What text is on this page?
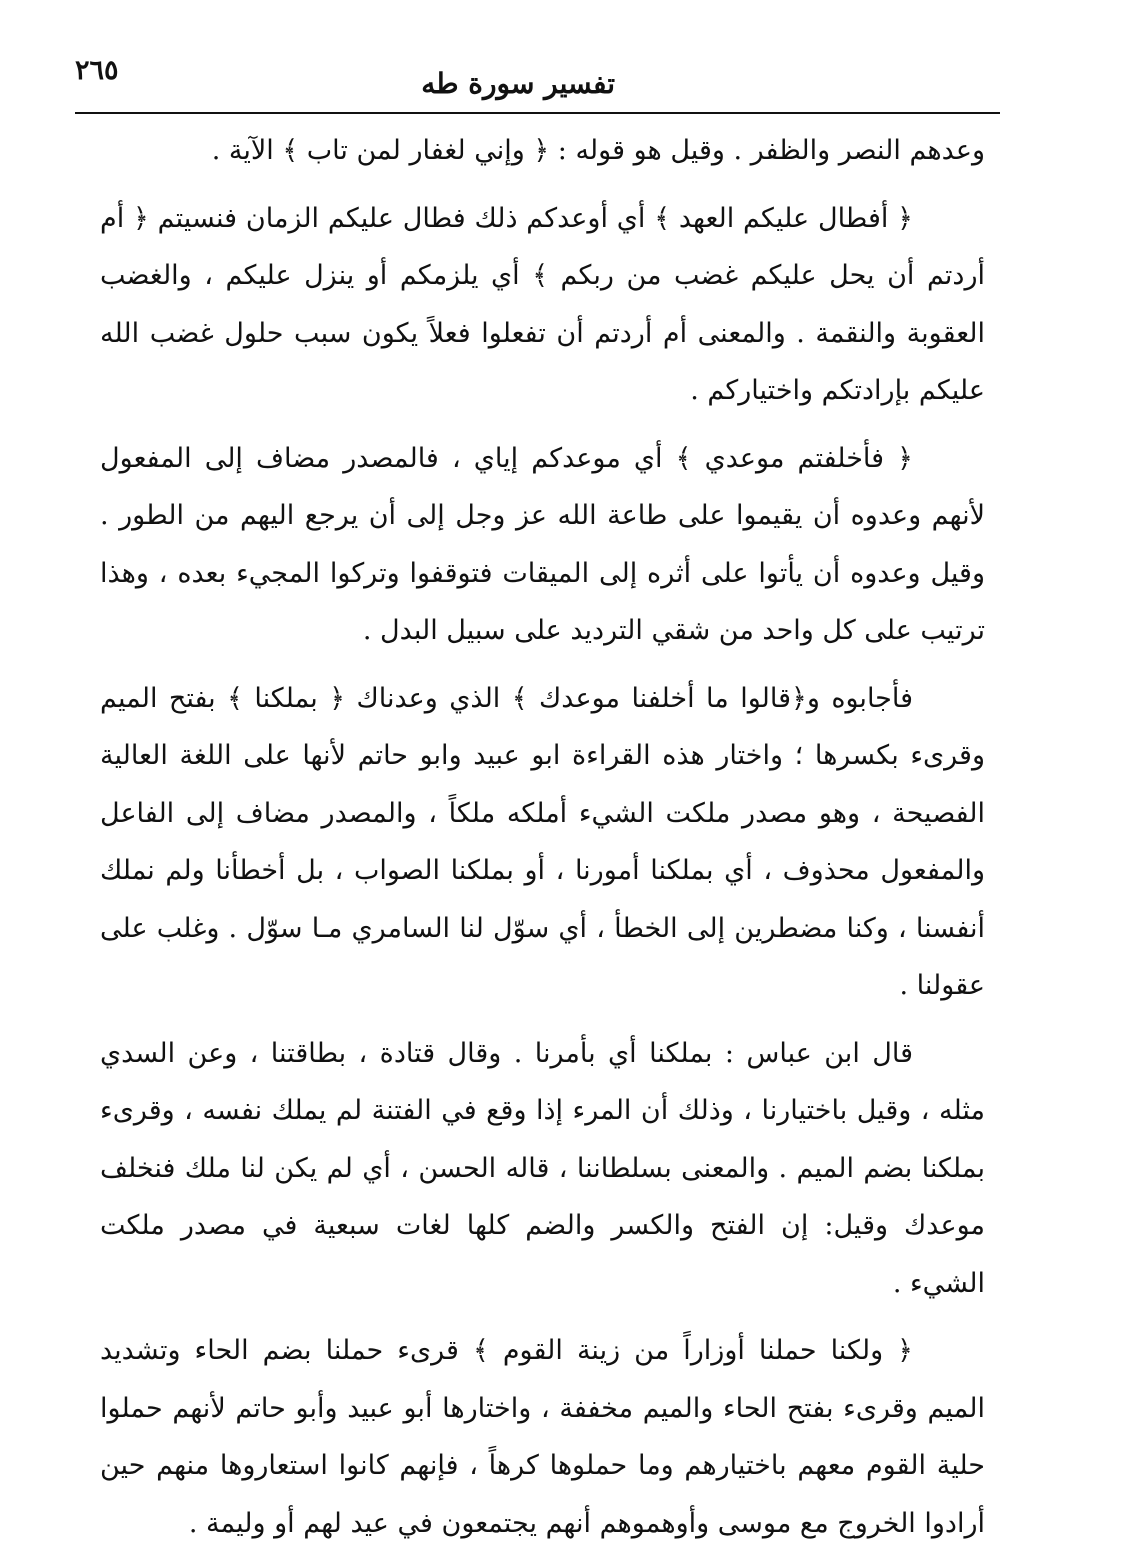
تفسير سورة طه
٢٦٥

وعدهم النصر والظفر . وقيل هو قوله : ﴿ وإني لغفار لمن تاب ﴾ الآية .

﴿ أفطال عليكم العهد ﴾ أي أوعدكم ذلك فطال عليكم الزمان فنسيتم ﴿ أم أردتم أن يحل عليكم غضب من ربكم ﴾ أي يلزمكم أو ينزل عليكم ، والغضب العقوبة والنقمة . والمعنى أم أردتم أن تفعلوا فعلاً يكون سبب حلول غضب الله عليكم بإرادتكم واختياركم .

﴿ فأخلفتم موعدي ﴾ أي موعدكم إياي ، فالمصدر مضاف إلى المفعول لأنهم وعدوه أن يقيموا على طاعة الله عز وجل إلى أن يرجع اليهم من الطور . وقيل وعدوه أن يأتوا على أثره إلى الميقات فتوقفوا وتركوا المجيء بعده ، وهذا ترتيب على كل واحد من شقي الترديد على سبيل البدل .

فأجابوه و﴿قالوا ما أخلفنا موعدك ﴾ الذي وعدناك ﴿ بملكنا ﴾ بفتح الميم وقرىء بكسرها ؛ واختار هذه القراءة ابو عبيد وابو حاتم لأنها على اللغة العالية الفصيحة ، وهو مصدر ملكت الشيء أملكه ملكاً ، والمصدر مضاف إلى الفاعل والمفعول محذوف ، أي بملكنا أمورنا ، أو بملكنا الصواب ، بل أخطأنا ولم نملك أنفسنا ، وكنا مضطرين إلى الخطأ ، أي سوّل لنا السامري مـا سوّل . وغلب على عقولنا .

قال ابن عباس : بملكنا أي بأمرنا . وقال قتادة ، بطاقتنا ، وعن السدي مثله ، وقيل باختيارنا ، وذلك أن المرء إذا وقع في الفتنة لم يملك نفسه ، وقرىء بملكنا بضم الميم . والمعنى بسلطاننا ، قاله الحسن ، أي لم يكن لنا ملك فنخلف موعدك وقيل: إن الفتح والكسر والضم كلها لغات سبعية في مصدر ملكت الشيء .

﴿ ولكنا حملنا أوزاراً من زينة القوم ﴾ قرىء حملنا بضم الحاء وتشديد الميم وقرىء بفتح الحاء والميم مخففة ، واختارها أبو عبيد وأبو حاتم لأنهم حملوا حلية القوم معهم باختيارهم وما حملوها كرهاً ، فإنهم كانوا استعاروها منهم حين أرادوا الخروج مع موسى وأوهموهم أنهم يجتمعون في عيد لهم أو وليمة .
